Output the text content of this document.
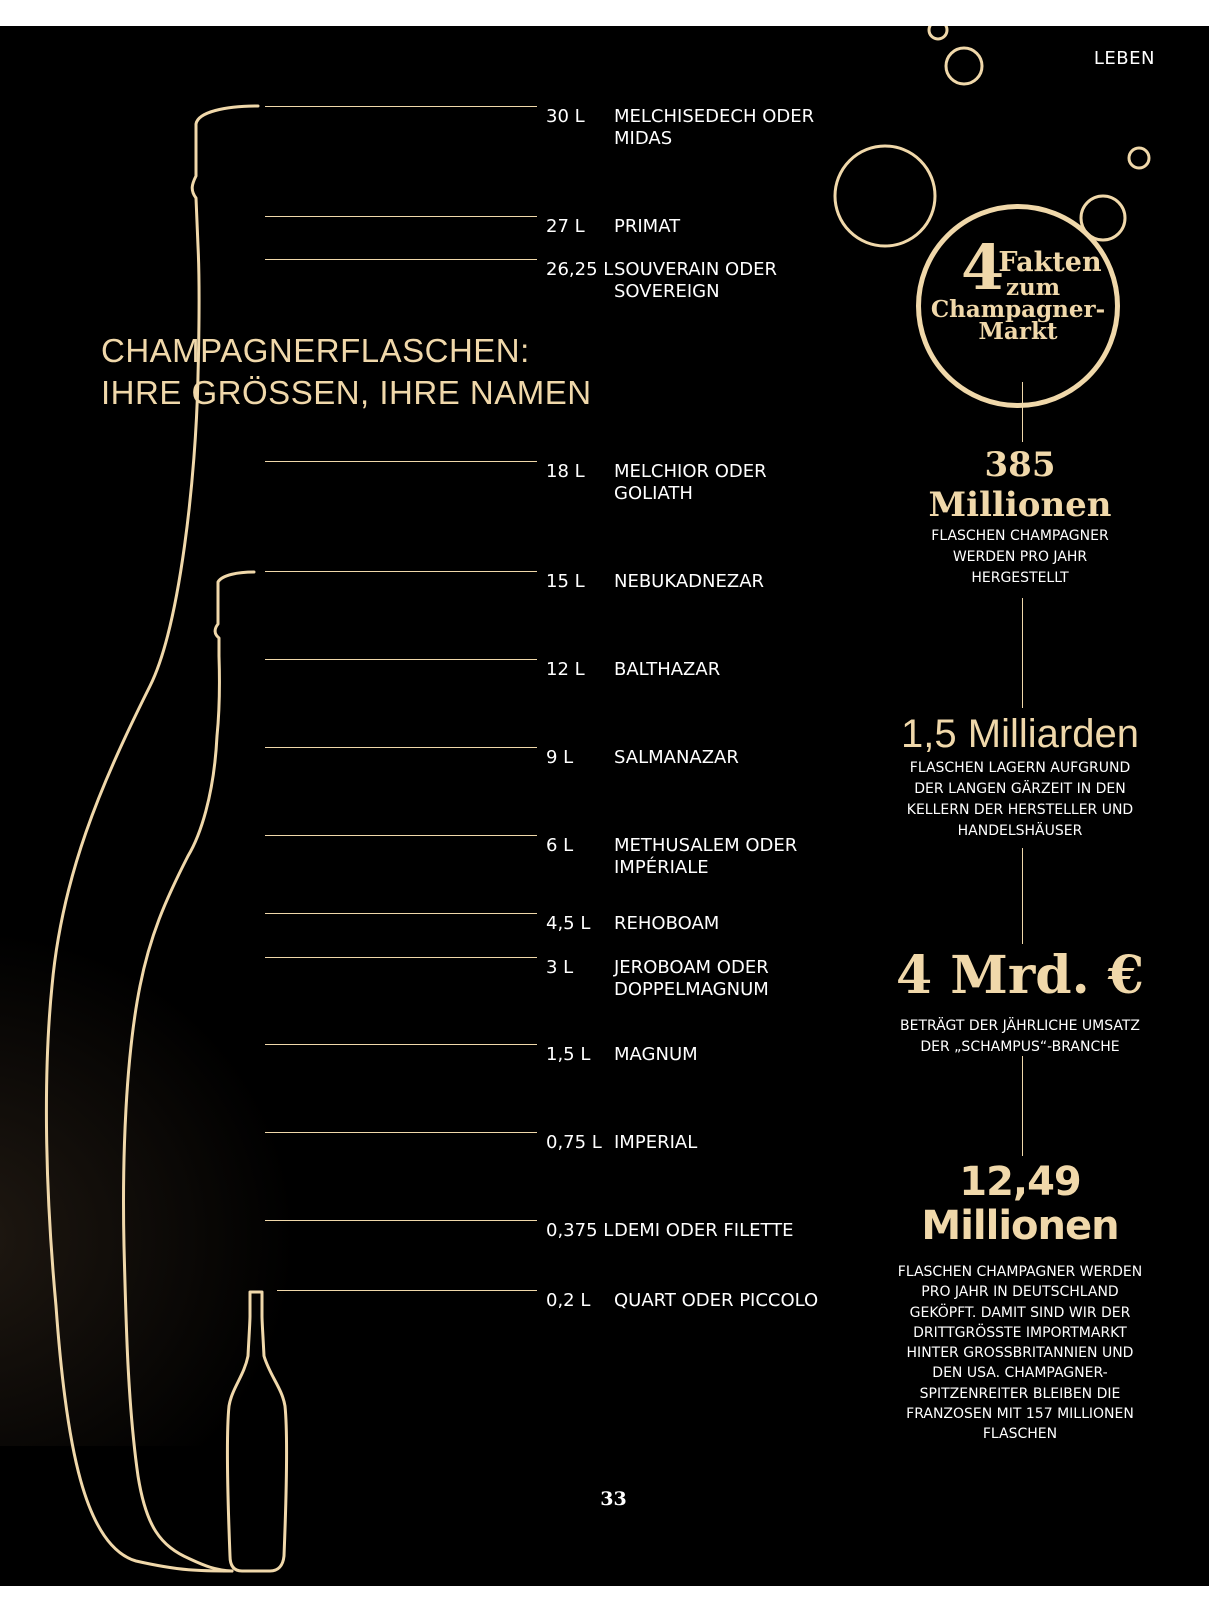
LEBEN
CHAMPAGNERFLASCHEN:
IHRE GRÖSSEN, IHRE NAMEN
30 L MELCHISEDECH ODER MIDAS
27 L PRIMAT
26,25 L SOUVERAIN ODER SOVEREIGN
18 L MELCHIOR ODER GOLIATH
15 L NEBUKADNEZAR
12 L BALTHAZAR
9 L SALMANAZAR
6 L METHUSALEM ODER IMPÉRIALE
4,5 L REHOBOAM
3 L JEROBOAM ODER DOPPELMAGNUM
1,5 L MAGNUM
0,75 L IMPERIAL
0,375 L DEMI ODER FILETTE
0,2 L QUART ODER PICCOLO
4
Fakten
zum
Champagner-
Markt
385
Millionen
FLASCHEN CHAMPAGNER WERDEN PRO JAHR HERGESTELLT
1,5 Milliarden
FLASCHEN LAGERN AUFGRUND DER LANGEN GÄRZEIT IN DEN KELLERN DER HERSTELLER UND HANDELSHÄUSER
4 Mrd. €
BETRÄGT DER JÄHRLICHE UMSATZ DER „SCHAMPUS“-BRANCHE
12,49
Millionen
FLASCHEN CHAMPAGNER WERDEN PRO JAHR IN DEUTSCHLAND GEKÖPFT. DAMIT SIND WIR DER DRITTGRÖSSTE IMPORTMARKT HINTER GROSSBRITANNIEN UND DEN USA. CHAMPAGNER-SPITZENREITER BLEIBEN DIE FRANZOSEN MIT 157 MILLIONEN FLASCHEN
33
